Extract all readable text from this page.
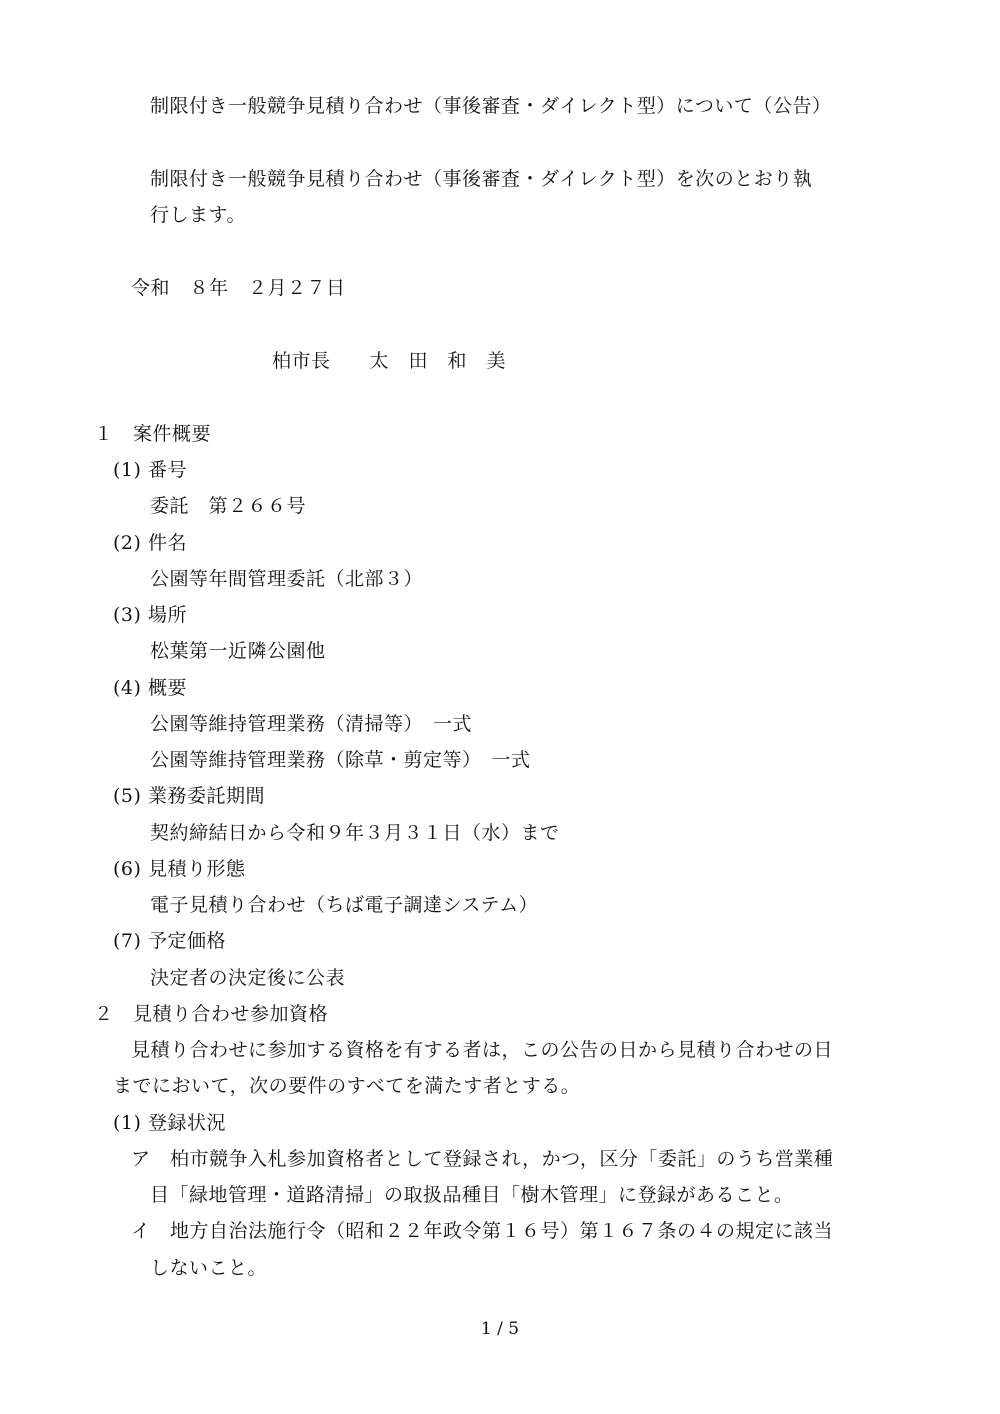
制限付き一般競争見積り合わせ（事後審査・ダイレクト型）について（公告）
制限付き一般競争見積り合わせ（事後審査・ダイレクト型）を次のとおり執
行します。
令和　８年　２月２７日
柏市長　　太　田　和　美
１　案件概要
(1) 番号
委託　第２６６号
(2) 件名
公園等年間管理委託（北部３）
(3) 場所
松葉第一近隣公園他
(4) 概要
公園等維持管理業務（清掃等）　一式
公園等維持管理業務（除草・剪定等）　一式
(5) 業務委託期間
契約締結日から令和９年３月３１日（水）まで
(6) 見積り形態
電子見積り合わせ（ちば電子調達システム）
(7) 予定価格
決定者の決定後に公表
２　見積り合わせ参加資格
見積り合わせに参加する資格を有する者は，この公告の日から見積り合わせの日
までにおいて，次の要件のすべてを満たす者とする。
(1) 登録状況
ア　柏市競争入札参加資格者として登録され，かつ，区分「委託」のうち営業種
目「緑地管理・道路清掃」の取扱品種目「樹木管理」に登録があること。
イ　地方自治法施行令（昭和２２年政令第１６号）第１６７条の４の規定に該当
しないこと。
1 / 5
